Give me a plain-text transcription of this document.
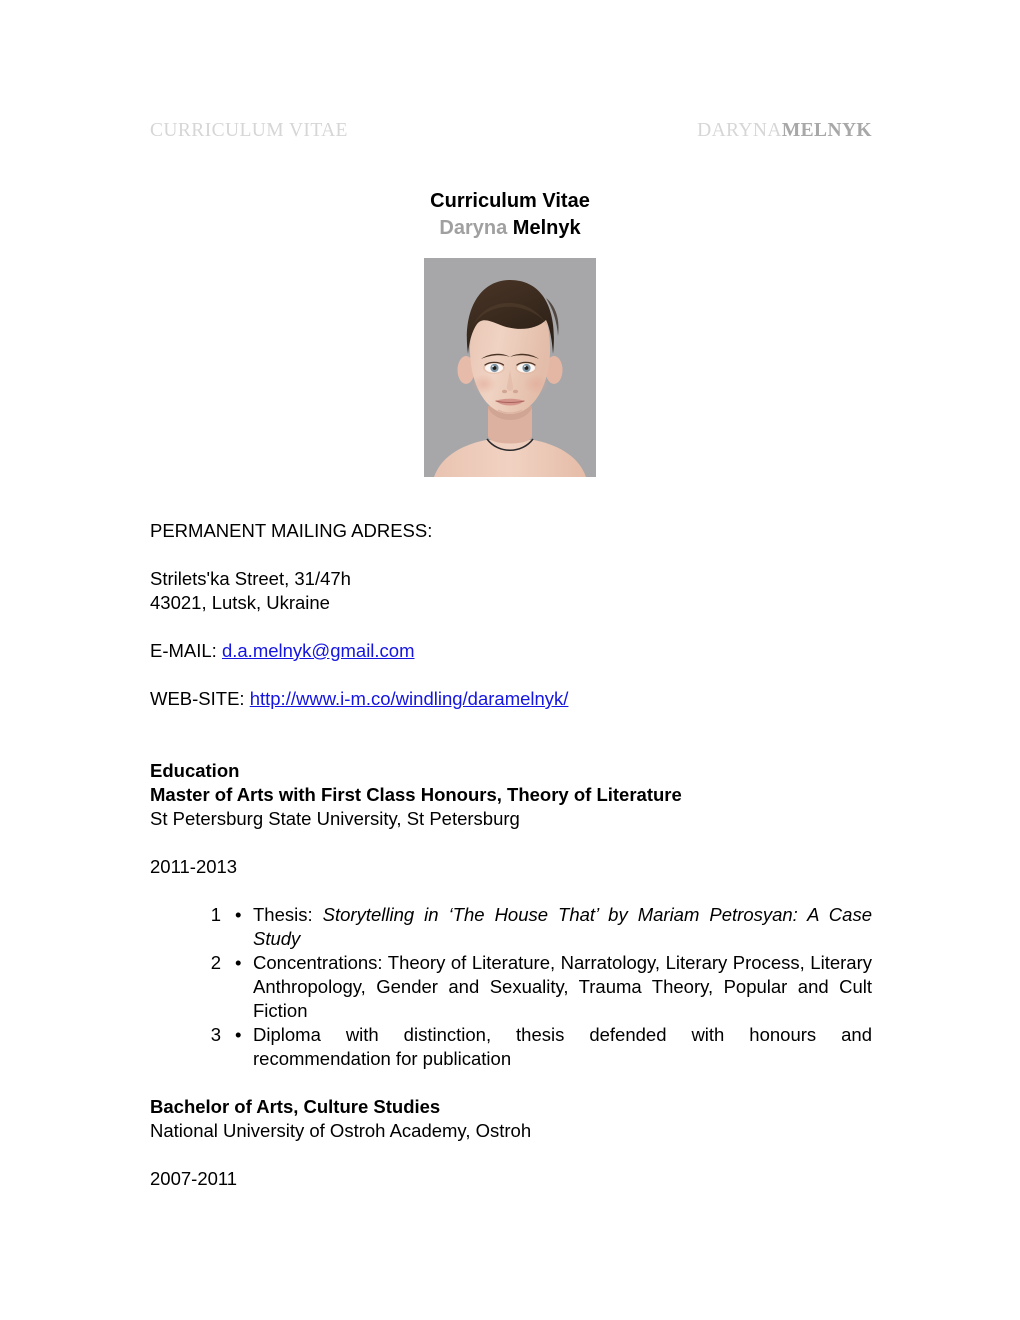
CURRICULUM VITAE	DARYNAMELNYK
Curriculum Vitae
Daryna Melnyk
PERMANENT MAILING ADRESS:
Strilets'ka Street, 31/47h
43021, Lutsk, Ukraine
E-MAIL: d.a.melnyk@gmail.com
WEB-SITE: http://www.i-m.co/windling/daramelnyk/
Education
Master of Arts with First Class Honours, Theory of Literature
St Petersburg State University, St Petersburg
2011-2013
1 • Thesis: Storytelling in ‘The House That’ by Mariam Petrosyan: A Case Study
2 • Concentrations: Theory of Literature, Narratology, Literary Process, Literary Anthropology, Gender and Sexuality, Trauma Theory, Popular and Cult Fiction
3 • Diploma with distinction, thesis defended with honours and recommendation for publication
Bachelor of Arts, Culture Studies
National University of Ostroh Academy, Ostroh
2007-2011
